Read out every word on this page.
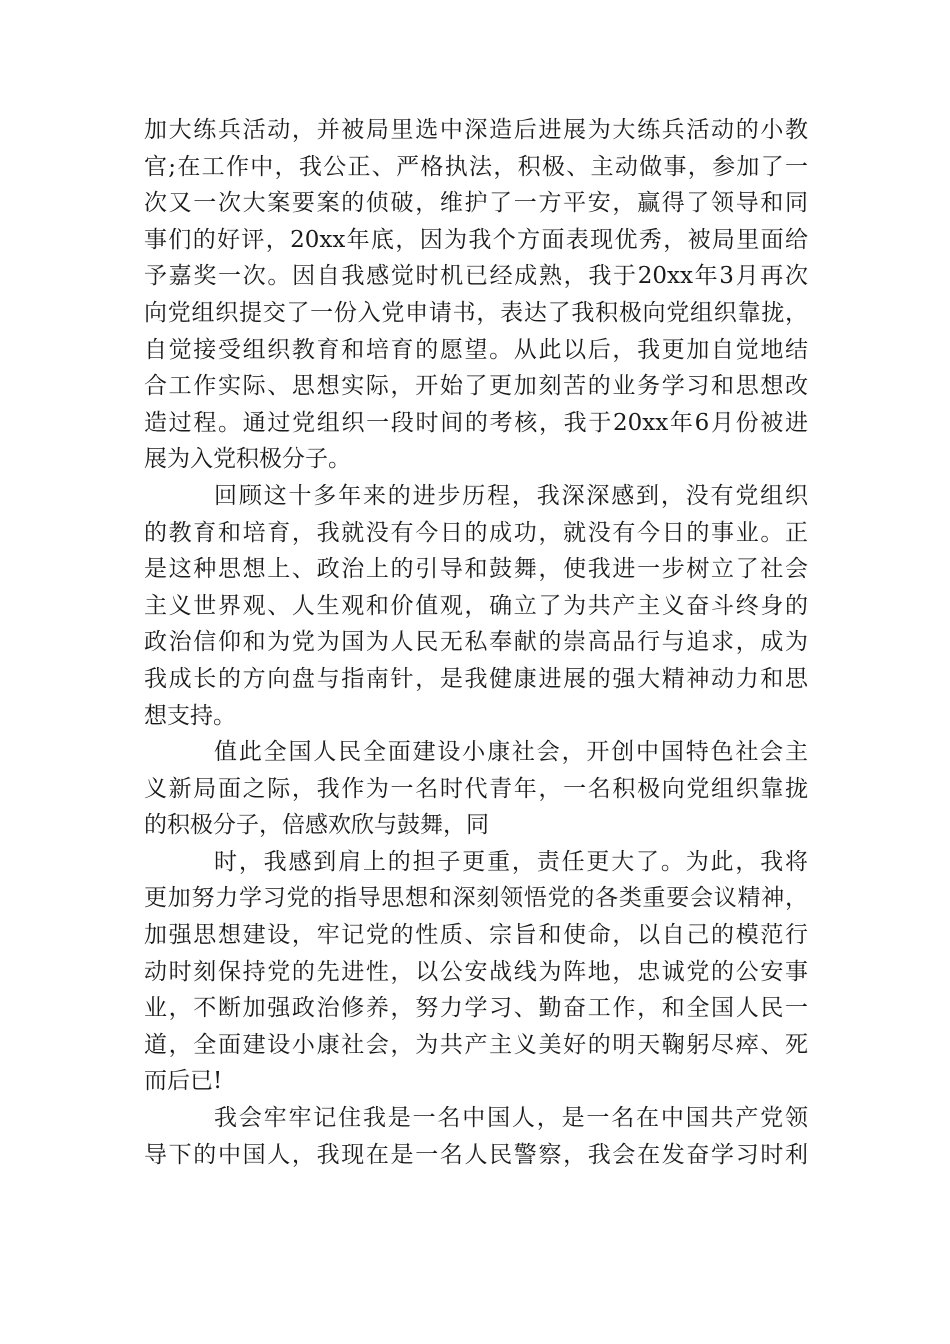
加大练兵活动，并被局里选中深造后进展为大练兵活动的小教
官;在工作中，我公正、严格执法，积极、主动做事，参加了一
次又一次大案要案的侦破，维护了一方平安，赢得了领导和同
事们的好评，20xx年底，因为我个方面表现优秀，被局里面给
予嘉奖一次。因自我感觉时机已经成熟，我于20xx年3月再次
向党组织提交了一份入党申请书，表达了我积极向党组织靠拢，
自觉接受组织教育和培育的愿望。从此以后，我更加自觉地结
合工作实际、思想实际，开始了更加刻苦的业务学习和思想改
造过程。通过党组织一段时间的考核，我于20xx年6月份被进
展为入党积极分子。
回顾这十多年来的进步历程，我深深感到，没有党组织
的教育和培育，我就没有今日的成功，就没有今日的事业。正
是这种思想上、政治上的引导和鼓舞，使我进一步树立了社会
主义世界观、人生观和价值观，确立了为共产主义奋斗终身的
政治信仰和为党为国为人民无私奉献的崇高品行与追求，成为
我成长的方向盘与指南针，是我健康进展的强大精神动力和思
想支持。
值此全国人民全面建设小康社会，开创中国特色社会主
义新局面之际，我作为一名时代青年，一名积极向党组织靠拢
的积极分子，倍感欢欣与鼓舞，同
时，我感到肩上的担子更重，责任更大了。为此，我将
更加努力学习党的指导思想和深刻领悟党的各类重要会议精神，
加强思想建设，牢记党的性质、宗旨和使命，以自己的模范行
动时刻保持党的先进性，以公安战线为阵地，忠诚党的公安事
业，不断加强政治修养，努力学习、勤奋工作，和全国人民一
道，全面建设小康社会，为共产主义美好的明天鞠躬尽瘁、死
而后已!
我会牢牢记住我是一名中国人，是一名在中国共产党领
导下的中国人，我现在是一名人民警察，我会在发奋学习时利
